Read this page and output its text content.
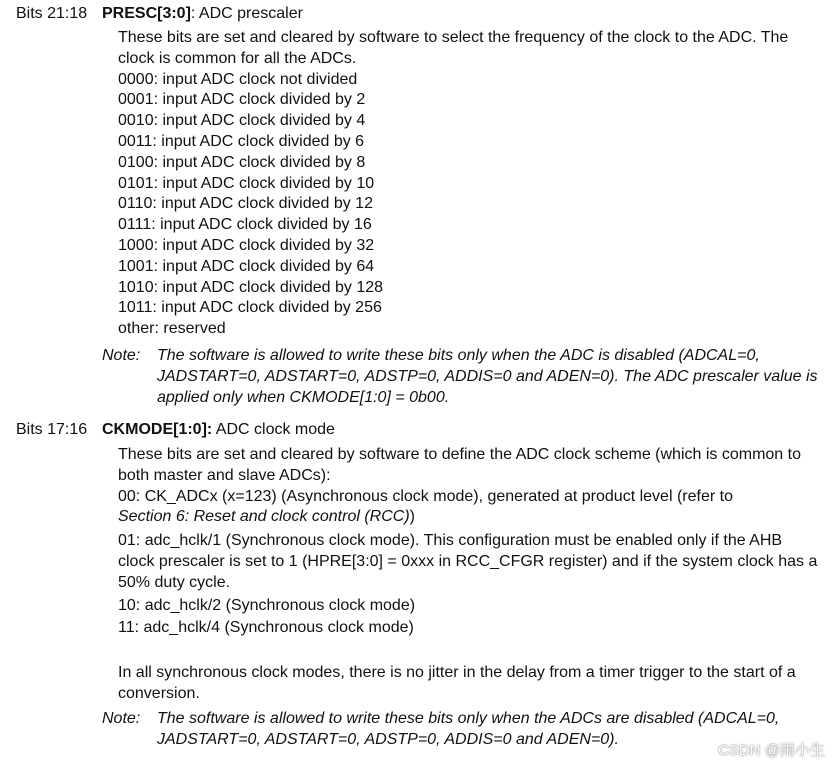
Bits 21:18 PRESC[3:0]: ADC prescaler

These bits are set and cleared by software to select the frequency of the clock to the ADC. The clock is common for all the ADCs.

0000: input ADC clock not divided
0001: input ADC clock divided by 2
0010: input ADC clock divided by 4
0011: input ADC clock divided by 6
0100: input ADC clock divided by 8
0101: input ADC clock divided by 10
0110: input ADC clock divided by 12
0111: input ADC clock divided by 16
1000: input ADC clock divided by 32
1001: input ADC clock divided by 64
1010: input ADC clock divided by 128
1011: input ADC clock divided by 256
other: reserved
Note: The software is allowed to write these bits only when the ADC is disabled (ADCAL=0, JADSTART=0, ADSTART=0, ADSTP=0, ADDIS=0 and ADEN=0). The ADC prescaler value is applied only when CKMODE[1:0] = 0b00.
Bits 17:16 CKMODE[1:0]: ADC clock mode

These bits are set and cleared by software to define the ADC clock scheme (which is common to both master and slave ADCs):

00: CK_ADCx (x=123) (Asynchronous clock mode), generated at product level (refer to
Section 6: Reset and clock control (RCC))

01: adc_hclk/1 (Synchronous clock mode). This configuration must be enabled only if the AHB clock prescaler is set to 1 (HPRE[3:0] = 0xxx in RCC_CFGR register) and if the system clock has a 50% duty cycle.

10: adc_hclk/2 (Synchronous clock mode)

11: adc_hclk/4 (Synchronous clock mode)

In all synchronous clock modes, there is no jitter in the delay from a timer trigger to the start of a conversion.

Note: The software is allowed to write these bits only when the ADCs are disabled (ADCAL=0, JADSTART=0, ADSTART=0, ADSTP=0, ADDIS=0 and ADEN=0).
CSDN @雨小生
